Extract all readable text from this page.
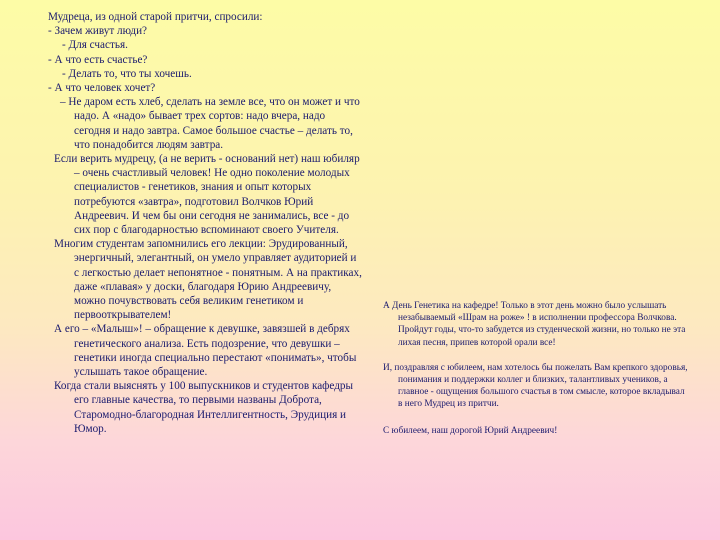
Мудреца, из одной старой притчи, спросили:

- Зачем живут люди?

- Для счастья.

- А что есть счастье?

- Делать то, что ты хочешь.

- А что человек хочет?

– Не даром есть хлеб, сделать на земле все, что он может и что надо. А «надо» бывает трех сортов: надо вчера, надо сегодня и надо завтра. Самое большое счастье – делать то, что понадобится людям завтра.

Если верить мудрецу, (а не верить - оснований нет) наш юбиляр – очень счастливый человек! Не одно поколение молодых специалистов - генетиков, знания и опыт которых потребуются «завтра», подготовил Волчков Юрий Андреевич. И чем бы они сегодня не занимались, все - до сих пор с благодарностью вспоминают своего Учителя.

Многим студентам запомнились его лекции: Эрудированный, энергичный, элегантный, он умело управляет аудиторией и с легкостью делает непонятное - понятным. А на практиках, даже «плавая» у доски, благодаря Юрию Андреевичу, можно почувствовать себя великим генетиком и первооткрывателем!

А его – «Малыш»! – обращение к девушке, завязшей в дебрях генетического анализа. Есть подозрение, что девушки – генетики иногда специально перестают «понимать», чтобы услышать такое обращение.

Когда стали выяснять у 100 выпускников и студентов кафедры его главные качества, то первыми названы Доброта, Старомодно-благородная Интеллигентность, Эрудиция и Юмор.

А День Генетика на кафедре! Только в этот день можно было услышать незабываемый «Шрам на роже» ! в исполнении профессора Волчкова. Пройдут годы, что-то забудется из студенческой жизни, но только не эта лихая песня, припев которой орали все!

И, поздравляя с юбилеем, нам хотелось бы пожелать Вам крепкого здоровья, понимания и поддержки коллег и близких, талантливых учеников, а главное - ощущения большого счастья в том смысле, которое вкладывал в него Мудрец из притчи.

С юбилеем, наш дорогой Юрий Андреевич!
